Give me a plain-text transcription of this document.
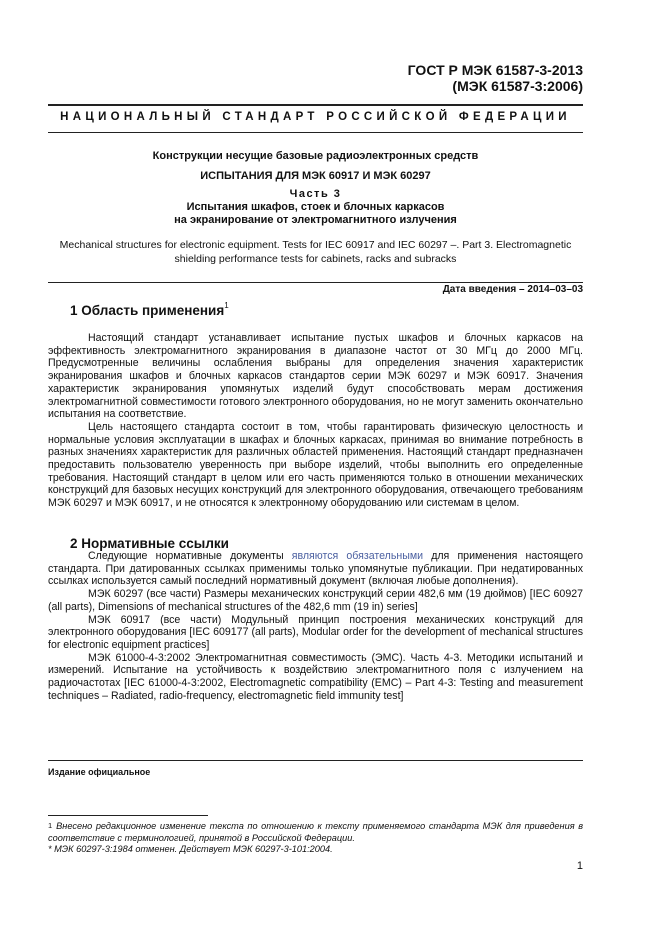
ГОСТ Р МЭК 61587-3-2013
(МЭК 61587-3:2006)
НАЦИОНАЛЬНЫЙ СТАНДАРТ РОССИЙСКОЙ ФЕДЕРАЦИИ
Конструкции несущие базовые радиоэлектронных средств
ИСПЫТАНИЯ ДЛЯ МЭК 60917 И МЭК 60297
Часть 3
Испытания шкафов, стоек и блочных каркасов
на экранирование от электромагнитного излучения
Mechanical structures for electronic equipment. Tests for IEC 60917 and IEC 60297 –. Part 3. Electromagnetic shielding performance tests for cabinets, racks and subracks
Дата введения – 2014–03–03
1 Область применения$^1$

Настоящий стандарт устанавливает испытание пустых шкафов и блочных каркасов на эффективность электромагнитного экранирования в диапазоне частот от 30 МГц до 2000 МГц. Предусмотренные величины ослабления выбраны для определения значения характеристик экранирования шкафов и блочных каркасов стандартов серии МЭК 60297 и МЭК 60917. Значения характеристик экранирования упомянутых изделий будут способствовать мерам достижения электромагнитной совместимости готового электронного оборудования, но не могут заменить окончательно испытания на соответствие.

Цель настоящего стандарта состоит в том, чтобы гарантировать физическую целостность и нормальные условия эксплуатации в шкафах и блочных каркасах, принимая во внимание потребность в разных значениях характеристик для различных областей применения. Настоящий стандарт предназначен предоставить пользователю уверенность при выборе изделий, чтобы выполнить его определенные требования. Настоящий стандарт в целом или его часть применяются только в отношении механических конструкций для базовых несущих конструкций для электронного оборудования, отвечающего требованиям МЭК 60297 и МЭК 60917, и не относятся к электронному оборудованию или системам в целом.

2 Нормативные ссылки

Следующие нормативные документы являются обязательными для применения настоящего стандарта. При датированных ссылках применимы только упомянутые публикации. При недатированных ссылках используется самый последний нормативный документ (включая любые дополнения).

МЭК 60297 (все части) Размеры механических конструкций серии 482,6 мм (19 дюймов) [IEC 60927 (all parts), Dimensions of mechanical structures of the 482,6 mm (19 in) series]

МЭК 60917 (все части) Модульный принцип построения механических конструкций для электронного оборудования [IEC 609177 (all parts), Modular order for the development of mechanical structures for electronic equipment practices]

МЭК 61000-4-3:2002 Электромагнитная совместимость (ЭМС). Часть 4-3. Методики испытаний и измерений. Испытание на устойчивость к воздействию электромагнитного поля с излучением на радиочастотах [IEC 61000-4-3:2002, Electromagnetic compatibility (EMC) – Part 4-3: Testing and measurement techniques – Radiated, radio-frequency, electromagnetic field immunity test]

Издание официальное

$^1$ Внесено редакционное изменение текста по отношению к тексту применяемого стандарта МЭК для приведения в соответствие с терминологией, принятой в Российской Федерации.

* МЭК 60297-3:1984 отменен. Действует МЭК 60297-3-101:2004.

1
